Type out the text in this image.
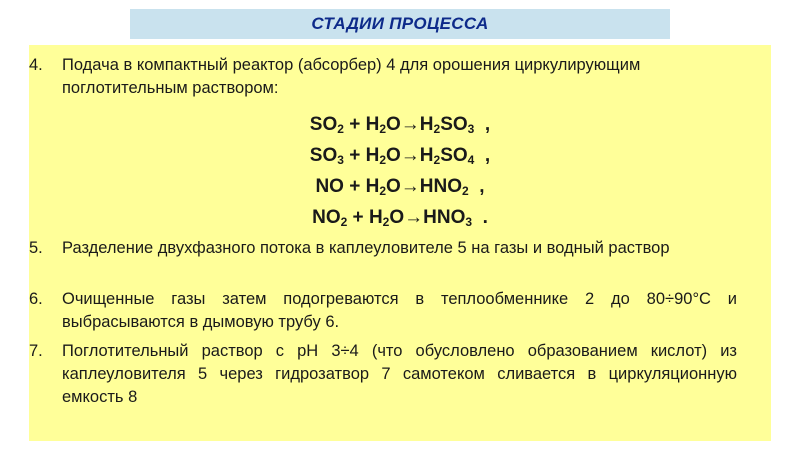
СТАДИИ ПРОЦЕССА
4.	Подача в компактный реактор (абсорбер) 4 для орошения циркулирующим поглотительным раствором:
$SO_2 + H_2O\to H_2SO_3$  ,
$SO_3 + H_2O\to H_2SO_4$  ,
NO + $H_2O\to HNO_2$  ,
$NO_2 + H_2O\to HNO_3$  .
5.	Разделение двухфазного потока в каплеуловителе 5 на газы и водный раствор
6.	Очищенные газы затем подогреваются в теплообменнике 2 до 80÷90°С и выбрасываются в дымовую трубу 6.
7.	Поглотительный раствор с рН 3÷4 (что обусловлено образованием кислот) из каплеуловителя 5 через гидрозатвор 7 самотеком сливается в циркуляционную емкость 8
